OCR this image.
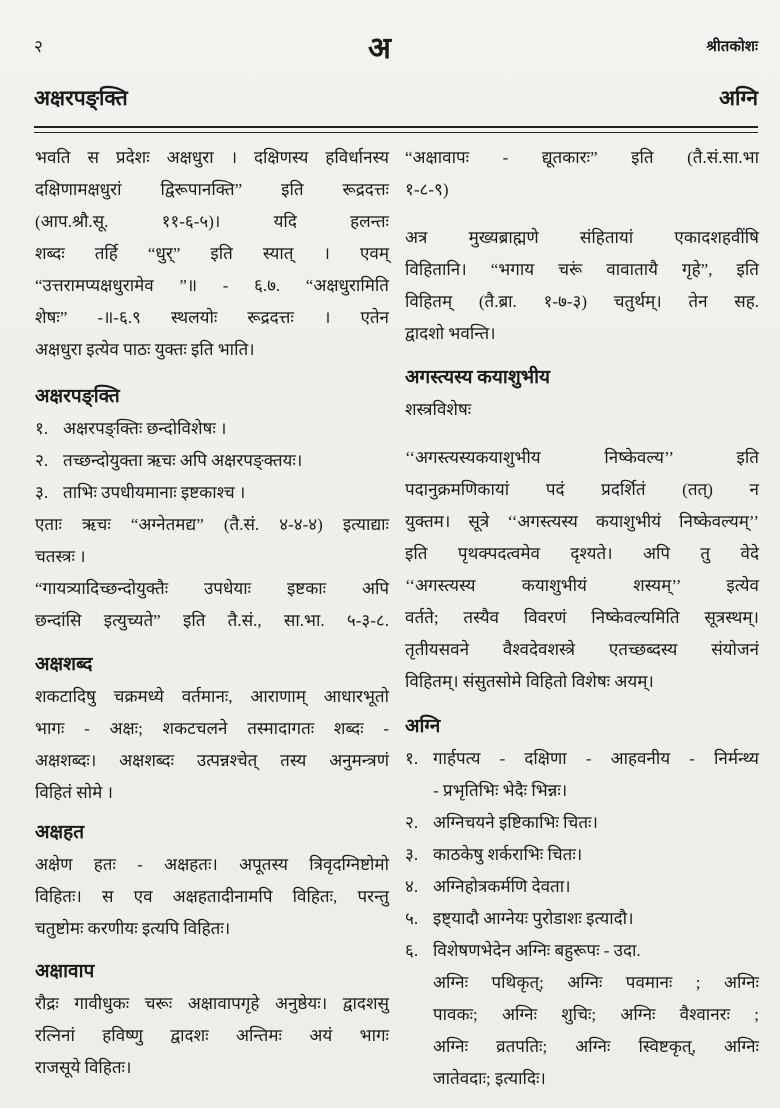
२	अ	श्रीतकोशः
अक्षरपङ्क्ति	अग्नि
भवति स प्रदेशः अक्षधुरा । दक्षिणस्य हविर्धानस्य
दक्षिणामक्षधुरां द्विरूपानक्ति” इति रूद्रदत्तः
(आप.श्रौ.सू. ११-६-५)। यदि हलन्तः
शब्दः तर्हि “धुर्” इति स्यात् । एवम्
“उत्तरामप्यक्षधुरामेव ”॥ - ६.७. “अक्षधुरामिति
शेषः” -॥-६.९ स्थलयोः रूद्रदत्तः । एतेन
अक्षधुरा इत्येव पाठः युक्तः इति भाति।
अक्षरपङ्क्ति
१. अक्षरपङ्क्तिः छन्दोविशेषः ।
२. तच्छन्दोयुक्ता ऋचः अपि अक्षरपङ्क्तयः।
३. ताभिः उपधीयमानाः इष्टकाश्च ।
एताः ऋचः “अग्नेतमद्य” (तै.सं. ४-४-४) इत्याद्याः
चतस्त्रः ।
“गायत्र्यादिच्छन्दोयुक्तैः उपधेयाः इष्टकाः अपि
छन्दांसि इत्युच्यते” इति तै.सं., सा.भा. ५-३-८.
अक्षशब्द
शकटादिषु चक्रमध्ये वर्तमानः, आराणाम् आधारभूतो
भागः - अक्षः; शकटचलने तस्मादागतः शब्दः -
अक्षशब्दः। अक्षशब्दः उत्पन्नश्चेत् तस्य अनुमन्त्रणं
विहितं सोमे ।
अक्षहत
अक्षेण हतः - अक्षहतः। अपूतस्य त्रिवृदग्निष्टोमो
विहितः। स एव अक्षहतादीनामपि विहितः, परन्तु
चतुष्टोमः करणीयः इत्यपि विहितः।
अक्षावाप
रौद्रः गावीधुकः चरूः अक्षावापगृहे अनुष्ठेयः। द्वादशसु
रत्निनां हविष्णु द्वादशः अन्तिमः अयं भागः
राजसूये विहितः।
“अक्षावापः - द्यूतकारः” इति (तै.सं.सा.भा
१-८-९)
अत्र मुख्यब्राह्मणे संहितायां एकादशहवींषि
विहितानि। “भगाय चरूं वावातायै गृहे”, इति
विहितम् (तै.ब्रा. १-७-३) चतुर्थम्। तेन सह.
द्वादशो भवन्ति।
अगस्त्यस्य कयाशुभीय
शस्त्रविशेषः
‘‘अगस्त्यस्यकयाशुभीय निष्केवल्य’’ इति
पदानुक्रमणिकायां पदं प्रदर्शितं (तत्) न
युक्तम। सूत्रे ‘‘अगस्त्यस्य कयाशुभीयं निष्केवल्यम्’’
इति पृथक्पदत्वमेव दृश्यते। अपि तु वेदे
‘‘अगस्त्यस्य कयाशुभीयं शस्यम्’’ इत्येव
वर्तते; तस्यैव विवरणं निष्केवल्यमिति सूत्रस्थम्।
तृतीयसवने वैश्वदेवशस्त्रे एतच्छब्दस्य संयोजनं
विहितम्। संसुतसोमे विहितो विशेषः अयम्।
अग्नि
१. गार्हपत्य - दक्षिणा - आहवनीय - निर्मन्थ्य
- प्रभृतिभिः भेदैः भिन्नः।
२. अग्निचयने इष्टिकाभिः चितः।
३. काठकेषु शर्कराभिः चितः।
४. अग्निहोत्रकर्मणि देवता।
५. इष्ट्यादौ आग्नेयः पुरोडाशः इत्यादौ।
६. विशेषणभेदेन अग्निः बहुरूपः - उदा.
अग्निः पथिकृत्; अग्निः पवमानः ; अग्निः
पावकः; अग्निः शुचिः; अग्निः वैश्वानरः ;
अग्निः व्रतपतिः; अग्निः स्विष्टकृत्, अग्निः
जातेवदाः; इत्यादिः।
